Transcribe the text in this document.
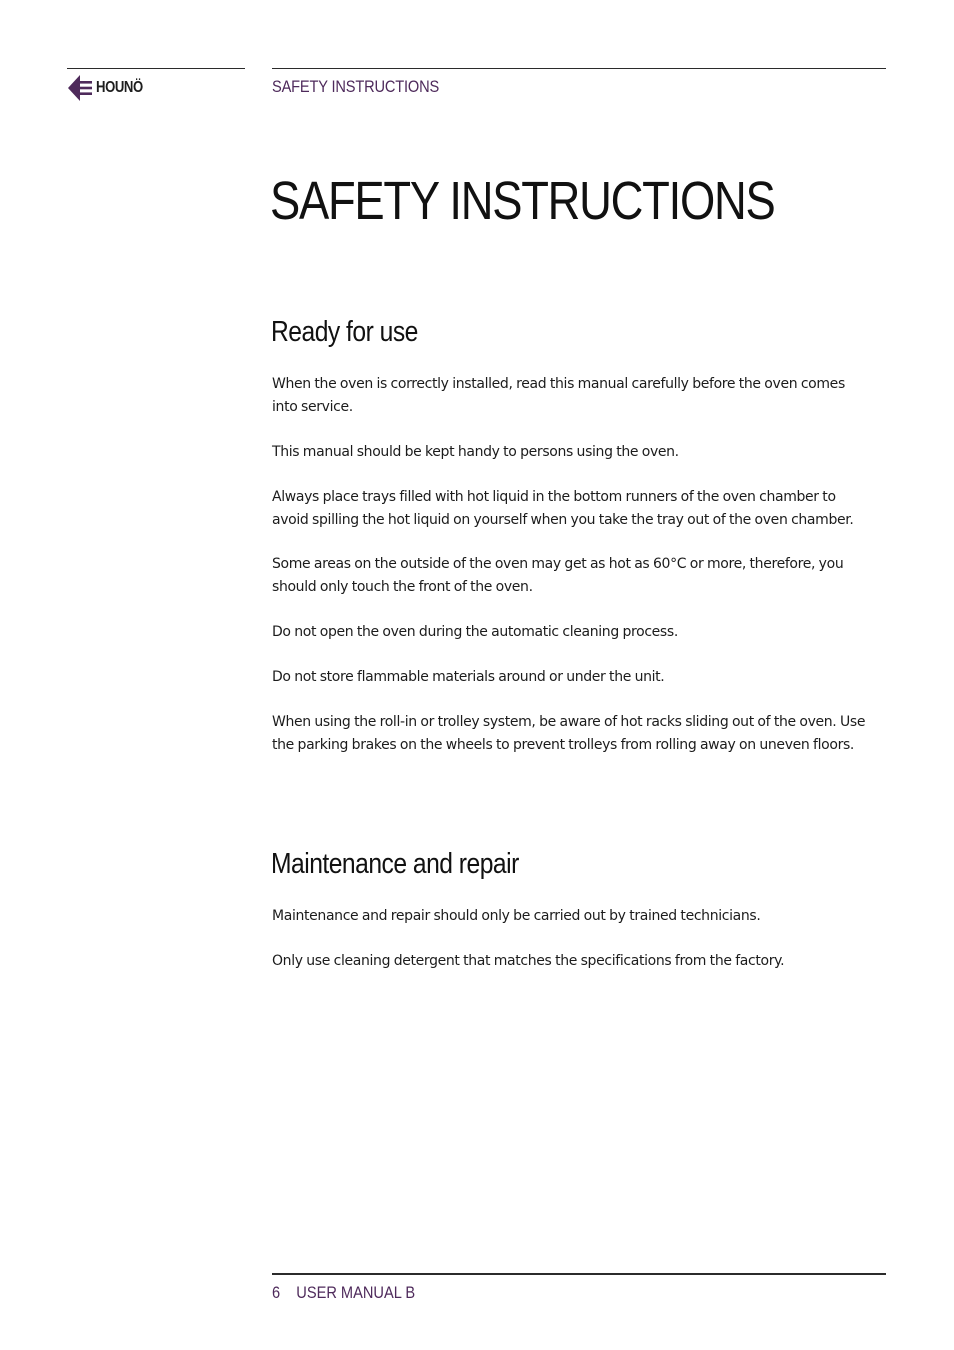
HOUNÖ	SAFETY INSTRUCTIONS
SAFETY INSTRUCTIONS
Ready for use

When the oven is correctly installed, read this manual carefully before the oven comes into service.

This manual should be kept handy to persons using the oven.

Always place trays filled with hot liquid in the bottom runners of the oven chamber to avoid spilling the hot liquid on yourself when you take the tray out of the oven chamber.

Some areas on the outside of the oven may get as hot as 60°C or more, therefore, you should only touch the front of the oven.

Do not open the oven during the automatic cleaning process.

Do not store flammable materials around or under the unit.

When using the roll-in or trolley system, be aware of hot racks sliding out of the oven. Use the parking brakes on the wheels to prevent trolleys from rolling away on uneven floors.

Maintenance and repair

Maintenance and repair should only be carried out by trained technicians.

Only use cleaning detergent that matches the specifications from the factory.

6 USER MANUAL B
